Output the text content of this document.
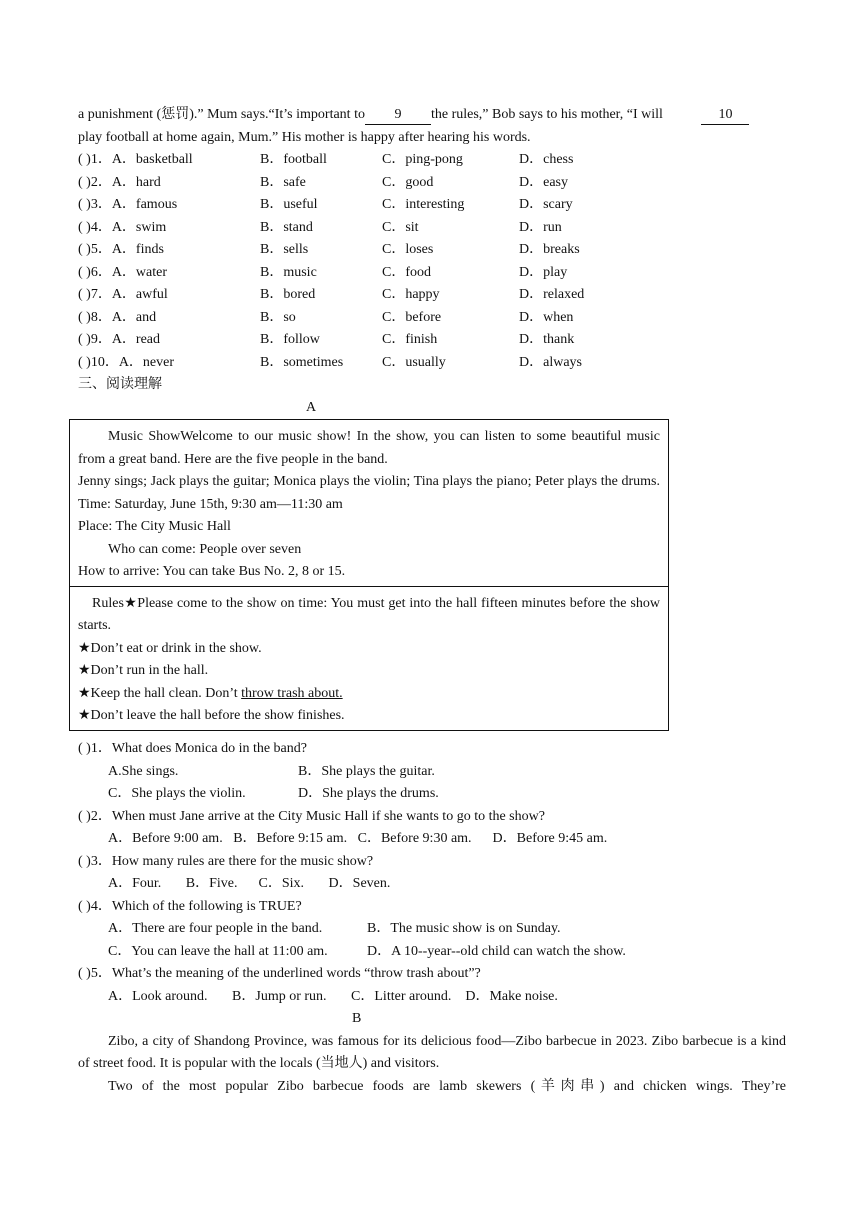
a punishment (惩罚).” Mum says.“It’s important to 9 the rules,” Bob says to his mother, “I will	10
play football at home again, Mum.” His mother is happy after hearing his words.
( )1．A．basketball	B．football	C．ping-pong	D．chess
( )2．A．hard	B．safe	C．good	D．easy
( )3．A．famous	B．useful	C．interesting	D．scary
( )4．A．swim	B．stand	C．sit	D．run
( )5．A．finds	B．sells	C．loses	D．breaks
( )6．A．water	B．music	C．food	D．play
( )7．A．awful	B．bored	C．happy	D．relaxed
( )8．A．and	B．so	C．before	D．when
( )9．A．read	B．follow	C．finish	D．thank
( )10．A．never	B．sometimes	C．usually	D．always
三、阅读理解
A
Music ShowWelcome to our music show! In the show, you can listen to some beautiful music from a great band. Here are the five people in the band.
Jenny sings; Jack plays the guitar; Monica plays the violin; Tina plays the piano; Peter plays the drums. Time: Saturday, June 15th, 9:30 am—11:30 am
Place: The City Music Hall
Who can come: People over seven
How to arrive: You can take Bus No. 2, 8 or 15.
Rules★Please come to the show on time: You must get into the hall fifteen minutes before the show starts.
★Don’t eat or drink in the show.
★Don’t run in the hall.
★Keep the hall clean. Don’t throw trash about.
★Don’t leave the hall before the show finishes.
( )1．What does Monica do in the band?
A.She sings.	B．She plays the guitar.
C．She plays the violin.	D．She plays the drums.
( )2．When must Jane arrive at the City Music Hall if she wants to go to the show?
A．Before 9:00 am. B．Before 9:15 am. C．Before 9:30 am. D．Before 9:45 am.
( )3．How many rules are there for the music show?
A．Four. B．Five. C．Six. D．Seven.
( )4．Which of the following is TRUE?
A．There are four people in the band.	B．The music show is on Sunday.
C．You can leave the hall at 11:00 am.	D．A 10--year--old child can watch the show.
( )5．What’s the meaning of the underlined words “throw trash about”?
A．Look around. B．Jump or run. C．Litter around. D．Make noise.
B
Zibo, a city of Shandong Province, was famous for its delicious food—Zibo barbecue in 2023. Zibo barbecue is a kind of street food. It is popular with the locals (当地人) and visitors.
Two of the most popular Zibo barbecue foods are lamb skewers (羊肉串) and chicken wings. They’re
